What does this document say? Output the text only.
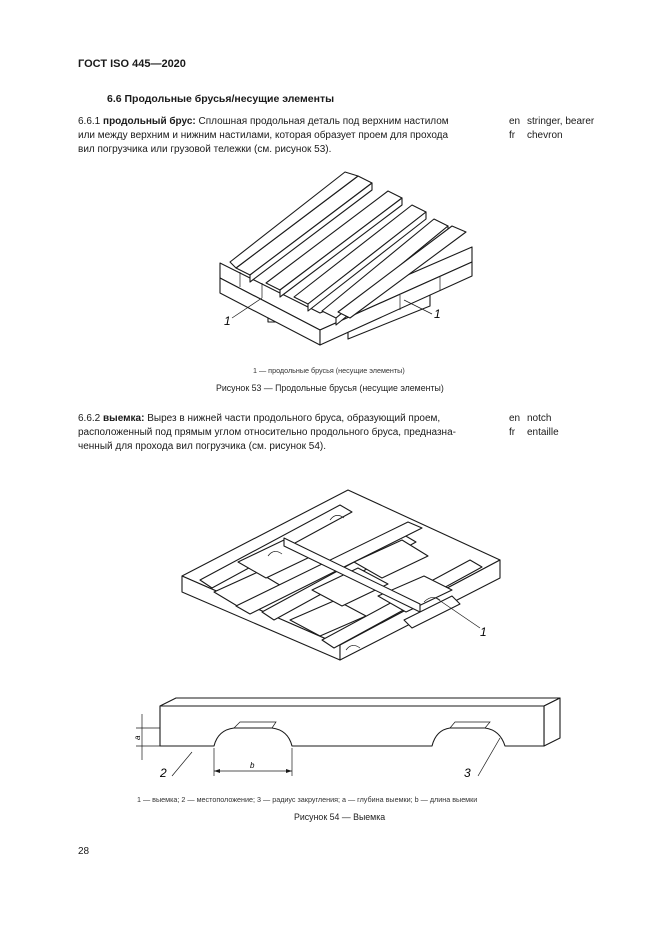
ГОСТ ISO 445—2020
6.6 Продольные брусья/несущие элементы
6.6.1 продольный брус: Сплошная продольная деталь под верхним настилом
или между верхним и нижним настилами, которая образует проем для прохода
вил погрузчика или грузовой тележки (см. рисунок 53).
en stringer, bearer
fr chevron
1	1
1 — продольные брусья (несущие элементы)
Рисунок 53 — Продольные брусья (несущие элементы)
6.6.2 выемка: Вырез в нижней части продольного бруса, образующий проем,
расположенный под прямым углом относительно продольного бруса, предназна-
ченный для прохода вил погрузчика (см. рисунок 54).
en notch
fr entaille
1
a
b
2	3
1 — выемка; 2 — местоположение; 3 — радиус закругления; a — глубина выемки; b — длина выемки
Рисунок 54 — Выемка
28
